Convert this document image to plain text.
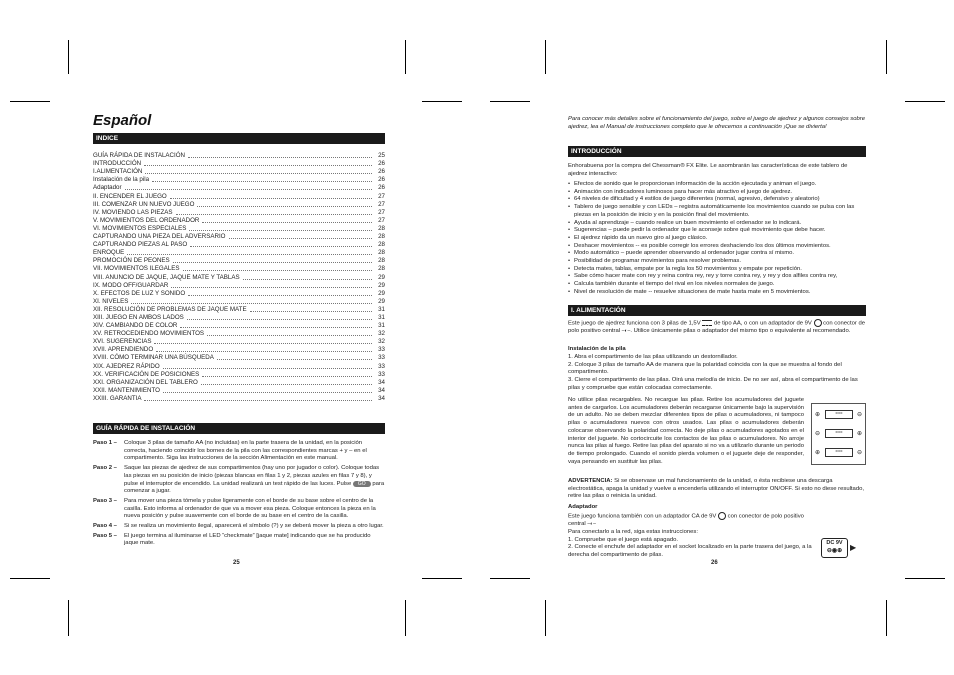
Español
INDICE
GUÍA RÁPIDA DE INSTALACIÓN	25
INTRODUCCIÓN	26
I.ALIMENTACIÓN	26
Instalación de la pila	26
Adaptador	26
II. ENCENDER EL JUEGO	27
III. COMENZAR UN NUEVO JUEGO	27
IV. MOVIENDO LAS PIEZAS	27
V. MOVIMIENTOS DEL ORDENADOR	27
VI. MOVIMIENTOS ESPECIALES	28
CAPTURANDO UNA PIEZA DEL ADVERSARIO	28
CAPTURANDO PIEZAS AL PASO	28
ENROQUE	28
PROMOCIÓN DE PEONES	28
VII. MOVIMIENTOS ILEGALES	28
VIII. ANUNCIO DE JAQUE, JAQUE MATE Y TABLAS	29
IX. MODO OFF/GUARDAR	29
X. EFECTOS DE LUZ Y SONIDO	29
XI. NIVELES	29
XII. RESOLUCIÓN DE PROBLEMAS DE JAQUE MATE	31
XIII. JUEGO EN AMBOS LADOS	31
XIV. CAMBIANDO DE COLOR	31
XV. RETROCEDIENDO MOVIMIENTOS	32
XVI. SUGERENCIAS	32
XVII. APRENDIENDO	33
XVIII. CÓMO TERMINAR UNA BÚSQUEDA	33
XIX. AJEDREZ RÁPIDO	33
XX. VERIFICACIÓN DE POSICIONES	33
XXI. ORGANIZACIÓN DEL TABLERO	34
XXII. MANTENIMIENTO	34
XXIII. GARANTIA	34
GUÍA RÁPIDA DE INSTALACIÓN
Paso 1 –	Coloque 3 pilas de tamaño AA (no incluidas) en la parte trasera de la unidad, en la posición correcta, haciendo coincidir los bornes de la pila con las correspondientes marcas + y – en el compartimento. Siga las instrucciones de la sección Alimentación en este manual.
Paso 2 –	Saque las piezas de ajedrez de sus compartimentos (hay uno por jugador o color). Coloque todas las piezas en su posición de inicio (piezas blancas en filas 1 y 2, piezas azules en filas 7 y 8), y pulse el interruptor de encendido. La unidad realizará un test rápido de las luces. Pulse GO para comenzar a jugar.
Paso 3 –	Para mover una pieza tómela y pulse ligeramente con el borde de su base sobre el centro de la casilla. Esto informa al ordenador de que va a mover esa pieza. Coloque entonces la pieza en la nueva posición y pulse suavemente con el borde de su base en el centro de la casilla.
Paso 4 –	Si se realiza un movimiento ilegal, aparecerá el símbolo (?) y se deberá mover la pieza a otro lugar.
Paso 5 –	El juego termina al iluminarse el LED “checkmate” [jaque mate] indicando que se ha producido jaque mate.
25
Para conocer más detalles sobre el funcionamiento del juego, sobre el juego de ajedrez y algunos consejos sobre ajedrez, lea el Manual de instrucciones completo que le ofrecemos a continuación ¡Que se divierta!
INTRODUCCIÓN
Enhorabuena por la compra del Chessman® FX Elite. Le asombrarán las características de este tablero de ajedrez interactivo:
• Efectos de sonido que le proporcionan información de la acción ejecutada y animan el juego.
• Animación con indicadores luminosos para hacer más atractivo el juego de ajedrez.
• 64 niveles de dificultad y 4 estilos de juego diferentes (normal, agresivo, defensivo y aleatorio)
• Tablero de juego sensible y con LEDs – registra automáticamente los movimientos cuando se pulsa con las piezas en la posición de inicio y en la posición final del movimiento.
• Ayuda al aprendizaje – cuando realice un buen movimiento el ordenador se lo indicará.
• Sugerencias – puede pedir la ordenador que le aconseje sobre qué movimiento que debe hacer.
• El ajedrez rápido da un nuevo giro al juego clásico.
• Deshacer movimientos -- es posible corregir los errores deshaciendo los dos últimos movimientos.
• Modo automático – puede aprender observando al ordenador jugar contra sí mismo.
• Posibilidad de programar movimientos para resolver problemas.
• Detecta mates, tablas, empate por la regla los 50 movimientos y empate por repetición.
• Sabe cómo hacer mate con rey y reina contra rey, rey y torre contra rey, y rey y dos alfiles contra rey,
• Calcula también durante el tiempo del rival en los niveles normales de juego.
• Nivel de resolución de mate -- resuelve situaciones de mate hasta mate en 5 movimientos.
I. ALIMENTACIÓN
Este juego de ajedrez funciona con 3 pilas de 1,5V de tipo AA, o con un adaptador de 9V con conector de polo positivo central –◐–. Utilice únicamente pilas o adaptador del mismo tipo o equivalente al recomendado.
Instalación de la pila

1. Abra el compartimento de las pilas utilizando un destornillador.

2. Coloque 3 pilas de tamaño AA de manera que la polaridad coincida con la que se muestra al fondo del compartimento.

3. Cierre el compartimento de las pilas. Oirá una melodía de inicio. De no ser así, abra el compartimento de las pilas y compruebe que están colocadas correctamente.

No utilice pilas recargables. No recargue las pilas. Retire los acumuladores del juguete antes de cargarlos. Los acumuladores deberán recargarse únicamente bajo la supervisión de un adulto. No se deben mezclar diferentes tipos de pilas o acumuladores, ni tampoco pilas o acumuladores nuevos con otros usados. Las pilas o acumuladores deberán colocarse observando la polaridad correcta. No deje pilas o acumuladores agotados en el interior del juguete. No cortocircuite los contactos de las pilas o acumuladores. No arroje nunca las pilas al fuego. Retire las pilas del aparato si no va a utilizarlo durante un periodo de tiempo prolongado. Cuando el sonido pierda volumen o el juguete deje de responder, vaya pensando en sustituir las pilas.
⊕	≡≡≡≡	⊖
⊖	≡≡≡≡	⊕
⊕	≡≡≡≡	⊖
ADVERTENCIA: Si se observase un mal funcionamiento de la unidad, o ésta recibiese una descarga electrostática, apaga la unidad y vuelve a encenderla utilizando el interruptor ON/OFF. Si esto no diese resultado, retire las pilas o reinicia la unidad.
Adaptador
Este juego funciona también con un adaptador CA de 9V con conector de polo positivo central –◐–
Para conectarlo a la red, siga estas instrucciones:

1. Compruebe que el juego está apagado.

2. Conecte el enchufe del adaptador en el socket localizado en la parte trasera del juego, a la derecha del compartimento de pilas.

DC 9V
⊖◉⊕ ▶
26
